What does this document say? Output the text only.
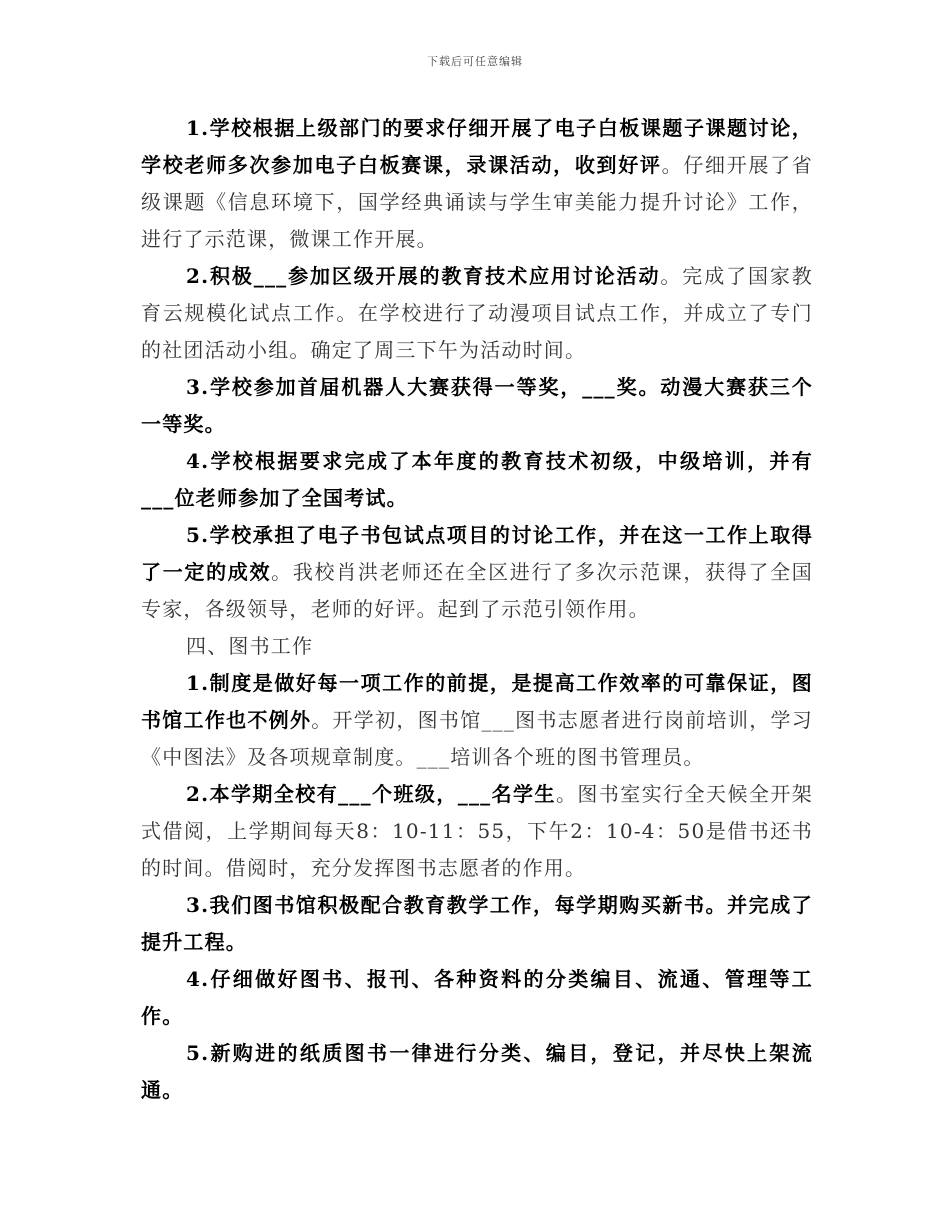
下载后可任意编辑

1.学校根据上级部门的要求仔细开展了电子白板课题子课题讨论，学校老师多次参加电子白板赛课，录课活动，收到好评。仔细开展了省级课题《信息环境下，国学经典诵读与学生审美能力提升讨论》工作，进行了示范课，微课工作开展。

2.积极___参加区级开展的教育技术应用讨论活动。完成了国家教育云规模化试点工作。在学校进行了动漫项目试点工作，并成立了专门的社团活动小组。确定了周三下午为活动时间。

3.学校参加首届机器人大赛获得一等奖，___奖。动漫大赛获三个一等奖。

4.学校根据要求完成了本年度的教育技术初级，中级培训，并有___位老师参加了全国考试。

5.学校承担了电子书包试点项目的讨论工作，并在这一工作上取得了一定的成效。我校肖洪老师还在全区进行了多次示范课，获得了全国专家，各级领导，老师的好评。起到了示范引领作用。

四、图书工作

1.制度是做好每一项工作的前提，是提高工作效率的可靠保证，图书馆工作也不例外。开学初，图书馆___图书志愿者进行岗前培训，学习《中图法》及各项规章制度。___培训各个班的图书管理员。

2.本学期全校有___个班级，___名学生。图书室实行全天候全开架式借阅，上学期间每天8：10-11：55，下午2：10-4：50是借书还书的时间。借阅时，充分发挥图书志愿者的作用。

3.我们图书馆积极配合教育教学工作，每学期购买新书。并完成了提升工程。

4.仔细做好图书、报刊、各种资料的分类编目、流通、管理等工作。

5.新购进的纸质图书一律进行分类、编目，登记，并尽快上架流通。
